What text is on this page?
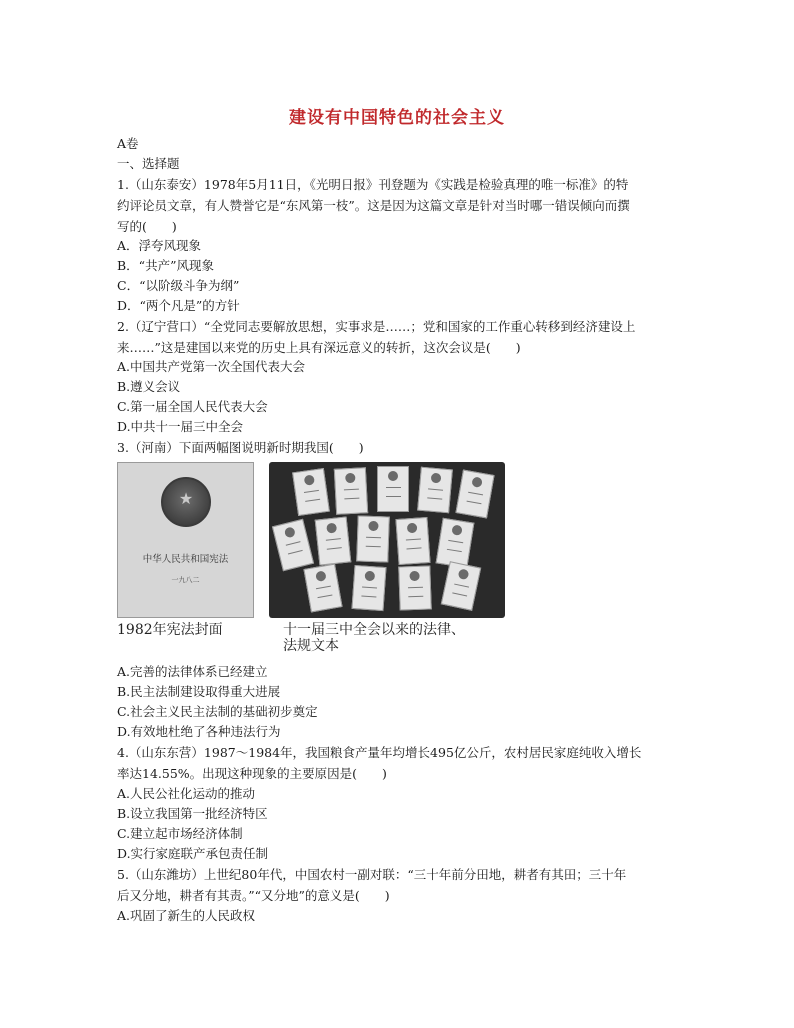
建设有中国特色的社会主义
A卷
一、选择题
1.（山东泰安）1978年5月11日，《光明日报》刊登题为《实践是检验真理的唯一标准》的特
约评论员文章，有人赞誉它是“东风第一枝”。这是因为这篇文章是针对当时哪一错误倾向而撰
写的(　　)
A．浮夸风现象
B．“共产”风现象
C．“以阶级斗争为纲”
D．“两个凡是”的方针
2.（辽宁营口）“全党同志要解放思想，实事求是……；党和国家的工作重心转移到经济建设上
来……”这是建国以来党的历史上具有深远意义的转折，这次会议是(　　)
A.中国共产党第一次全国代表大会
B.遵义会议
C.第一届全国人民代表大会
D.中共十一届三中全会
3.（河南）下面两幅图说明新时期我国(　　)
★
中华人民共和国宪法
一九八二
1982年宪法封面	十一届三中全会以来的法律、
法规文本
A.完善的法律体系已经建立
B.民主法制建设取得重大进展
C.社会主义民主法制的基础初步奠定
D.有效地杜绝了各种违法行为
4.（山东东营）1987～1984年，我国粮食产量年均增长495亿公斤，农村居民家庭纯收入增长
率达14.55%。出现这种现象的主要原因是(　　)
A.人民公社化运动的推动
B.设立我国第一批经济特区
C.建立起市场经济体制
D.实行家庭联产承包责任制
5.（山东潍坊）上世纪80年代，中国农村一副对联：“三十年前分田地，耕者有其田；三十年
后又分地，耕者有其责。”“又分地”的意义是(　　)
A.巩固了新生的人民政权
